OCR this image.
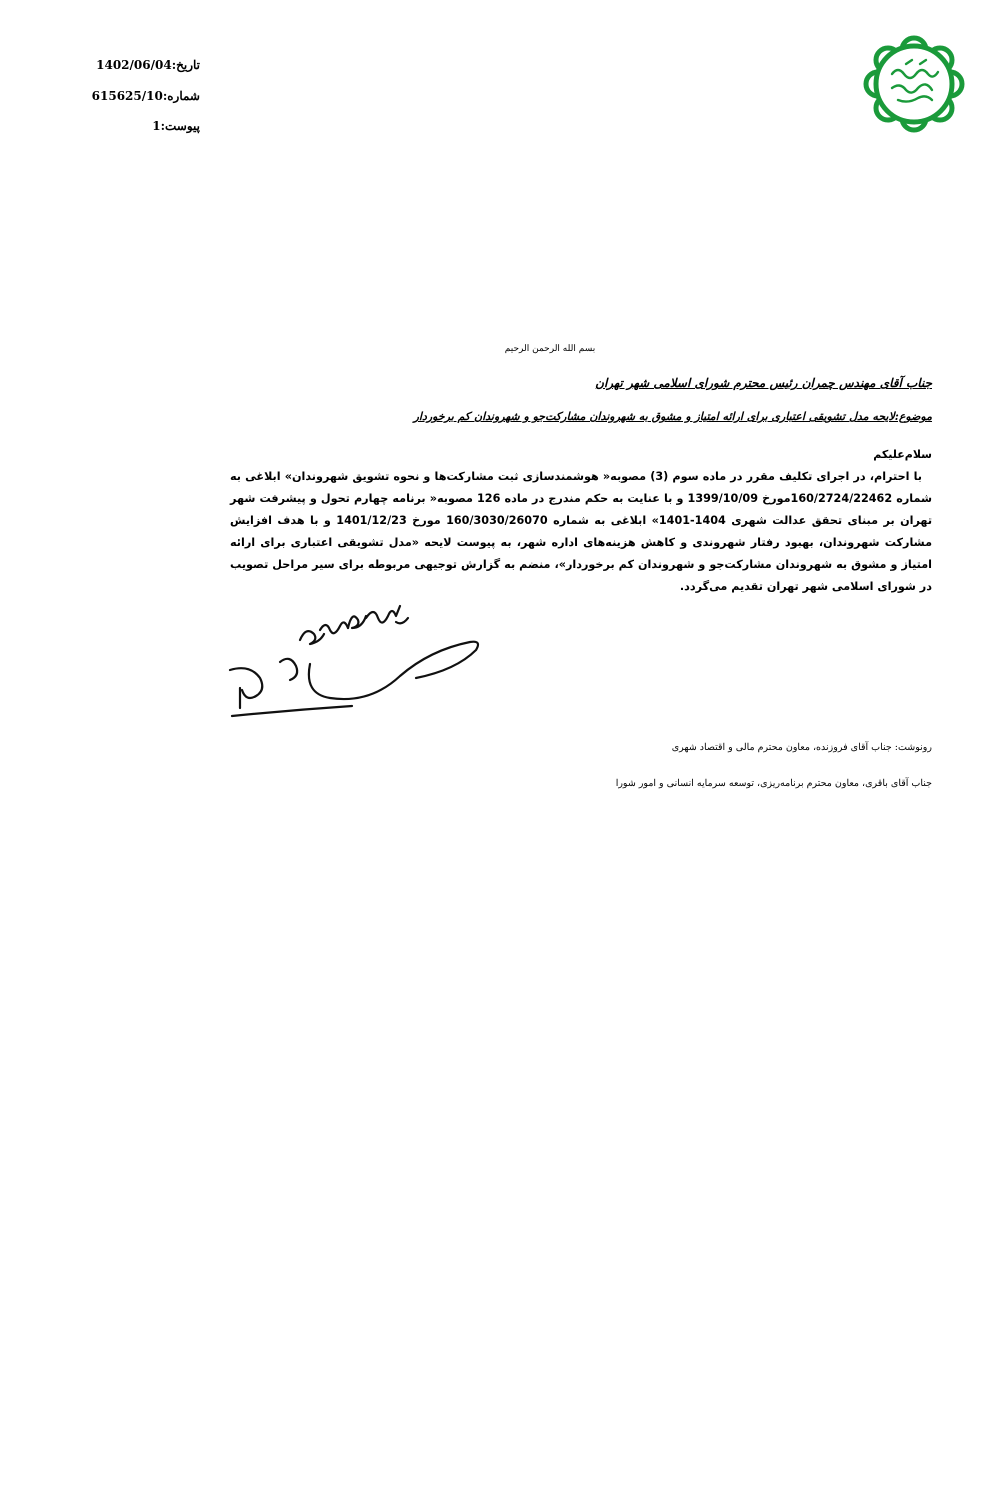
تاریخ:1402/06/04
شماره:615625/10
پیوست:1
بسم الله الرحمن الرحیم
جناب آقای مهندس چمران رئیس محترم شورای اسلامی شهر تهران
موضوع:لایحه مدل تشویقی اعتباری برای ارائه امتیاز و مشوق به شهروندان مشارکت‌جو و شهروندان کم برخوردار
سلام‌علیکم
با احترام، در اجرای تکلیف مقرر در ماده سوم (3) مصوبه« هوشمندسازی ثبت مشارکت‌ها و نحوه تشویق شهروندان» ابلاغی به شماره 160/2724/22462مورخ 1399/10/09 و با عنایت به حکم مندرج در ماده 126 مصوبه« برنامه چهارم تحول و پیشرفت شهر تهران بر مبنای تحقق عدالت شهری 1404-1401» ابلاغی به شماره 160/3030/26070 مورخ 1401/12/23 و با هدف افزایش مشارکت شهروندان، بهبود رفتار شهروندی و کاهش هزینه‌های اداره شهر، به پیوست لایحه «مدل تشویقی اعتباری برای ارائه امتیاز و مشوق به شهروندان مشارکت‌جو و شهروندان کم برخوردار»، منضم به گزارش توجیهی مربوطه برای سیر مراحل تصویب در شورای اسلامی شهر تهران تقدیم می‌گردد.
رونوشت: جناب آقای فروزنده، معاون محترم مالی و اقتصاد شهری
جناب آقای باقری، معاون محترم برنامه‌ریزی، توسعه سرمایه انسانی و امور شورا
